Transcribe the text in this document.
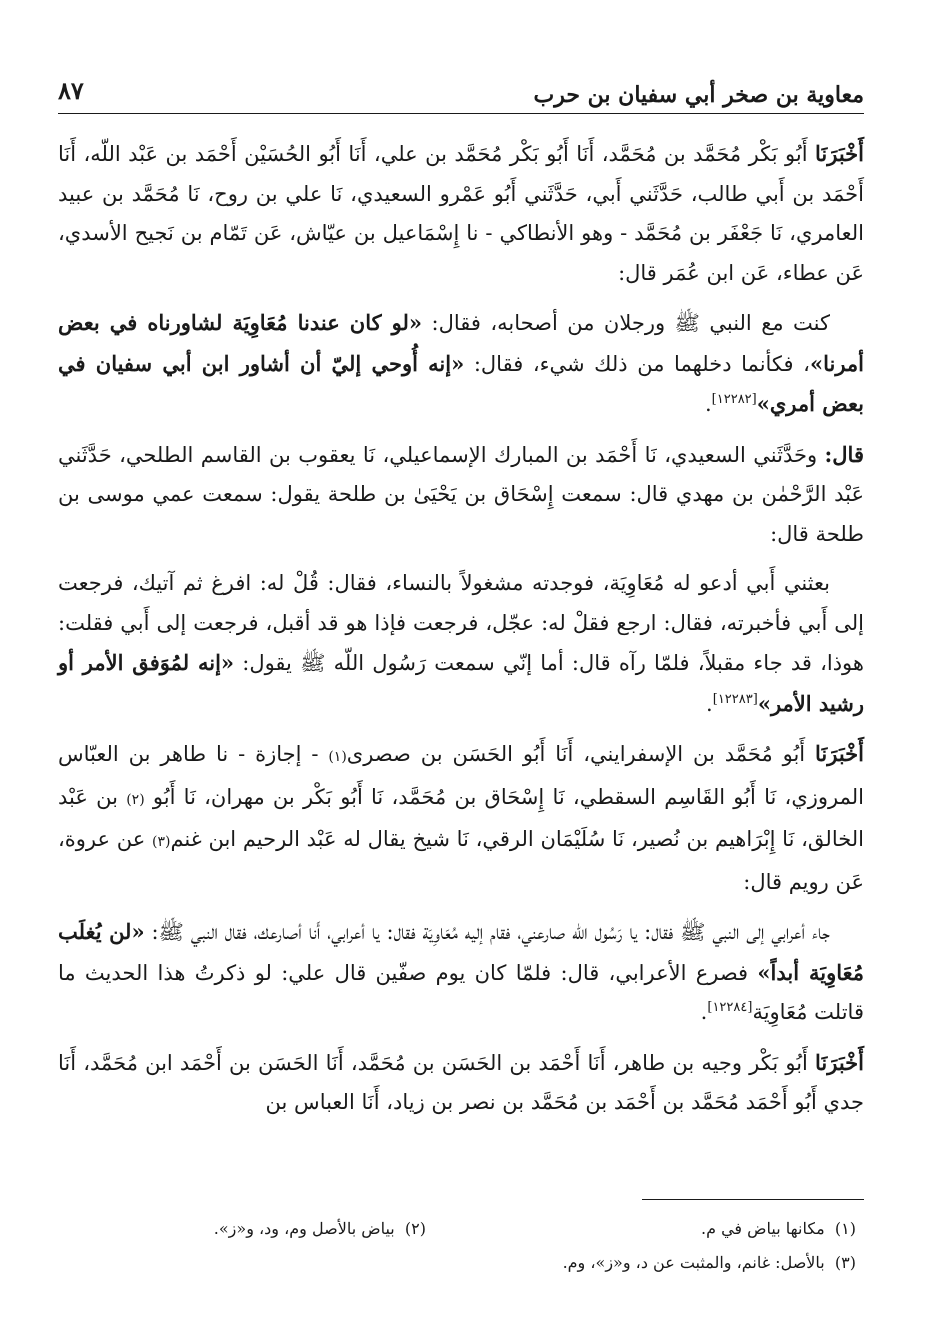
معاوية بن صخر أبي سفيان بن حرب
٨٧

أَخْبَرَنَا أَبُو بَكْر مُحَمَّد بن مُحَمَّد، أَنَا أَبُو بَكْر مُحَمَّد بن علي، أَنَا أَبُو الحُسَيْن أَحْمَد بن عَبْد اللّه، أَنَا أَحْمَد بن أَبي طالب، حَدَّثَني أَبي، حَدَّثَني أَبُو عَمْرو السعيدي، نَا علي بن روح، نَا مُحَمَّد بن عبيد العامري، نَا جَعْفَر بن مُحَمَّد - وهو الأنطاكي - نا إِسْمَاعيل بن عيّاش، عَن تَمّام بن نَجيح الأسدي، عَن عطاء، عَن ابن عُمَر قال:

كنت مع النبي ﷺ ورجلان من أصحابه، فقال: «لو كان عندنا مُعَاوِيَة لشاورناه في بعض أمرنا»، فكأنما دخلهما من ذلك شيء، فقال: «إنه أُوحي إليّ أن أشاور ابن أبي سفيان في بعض أمري»[١٢٢٨٢].

قال: وحَدَّثَني السعيدي، نَا أَحْمَد بن المبارك الإسماعيلي، نَا يعقوب بن القاسم الطلحي، حَدَّثَني عَبْد الرَّحْمٰن بن مهدي قال: سمعت إِسْحَاق بن يَحْيَىٰ بن طلحة يقول: سمعت عمي موسى بن طلحة قال:

بعثني أَبي أدعو له مُعَاوِيَة، فوجدته مشغولاً بالنساء، فقال: قُلْ له: افرغ ثم آتيك، فرجعت إلى أَبي فأخبرته، فقال: ارجع فقلْ له: عجّل، فرجعت فإذا هو قد أقبل، فرجعت إلى أَبي فقلت: هوذا، قد جاء مقبلاً، فلمّا رآه قال: أما إنّي سمعت رَسُول اللّه ﷺ يقول: «إنه لمُوَفق الأمر أو رشيد الأمر»[١٢٢٨٣].

أَخْبَرَنَا أَبُو مُحَمَّد بن الإسفرايني، أَنَا أَبُو الحَسَن بن صصرى(١) - إجازة - نا طاهر بن العبّاس المروزي، نَا أَبُو القَاسِم السقطي، نَا إِسْحَاق بن مُحَمَّد، نَا أَبُو بَكْر بن مهران، نَا أَبُو (٢) بن عَبْد الخالق، نَا إِبْرَاهيم بن نُصير، نَا سُلَيْمَان الرقي، نَا شيخ يقال له عَبْد الرحيم ابن غنم(٣) عن عروة، عَن رويم قال:

جاء أعرابي إلى النبي ﷺ فقال: يا رَسُول اللّه صارعني، فقام إليه مُعَاوِيَة فقال: يا أعرابي، أَنا أصارعك، فقال النبي ﷺ: «لن يُغلَب مُعَاوِيَة أبداً» فصرع الأعرابي، قال: فلمّا كان يوم صفّين قال علي: لو ذكرتُ هذا الحديث ما قاتلت مُعَاوِيَة[١٢٢٨٤].

أَخْبَرَنَا أَبُو بَكْر وجيه بن طاهر، أَنَا أَحْمَد بن الحَسَن بن مُحَمَّد، أَنَا الحَسَن بن أَحْمَد ابن مُحَمَّد، أَنَا جدي أَبُو أَحْمَد مُحَمَّد بن أَحْمَد بن مُحَمَّد بن نصر بن زياد، أَنَا العباس بن

(١)  مكانها بياض في م.(٢)  بياض بالأصل وم، ود، و«ز».
(٣)  بالأصل: غانم، والمثبت عن د، و«ز»، وم.
